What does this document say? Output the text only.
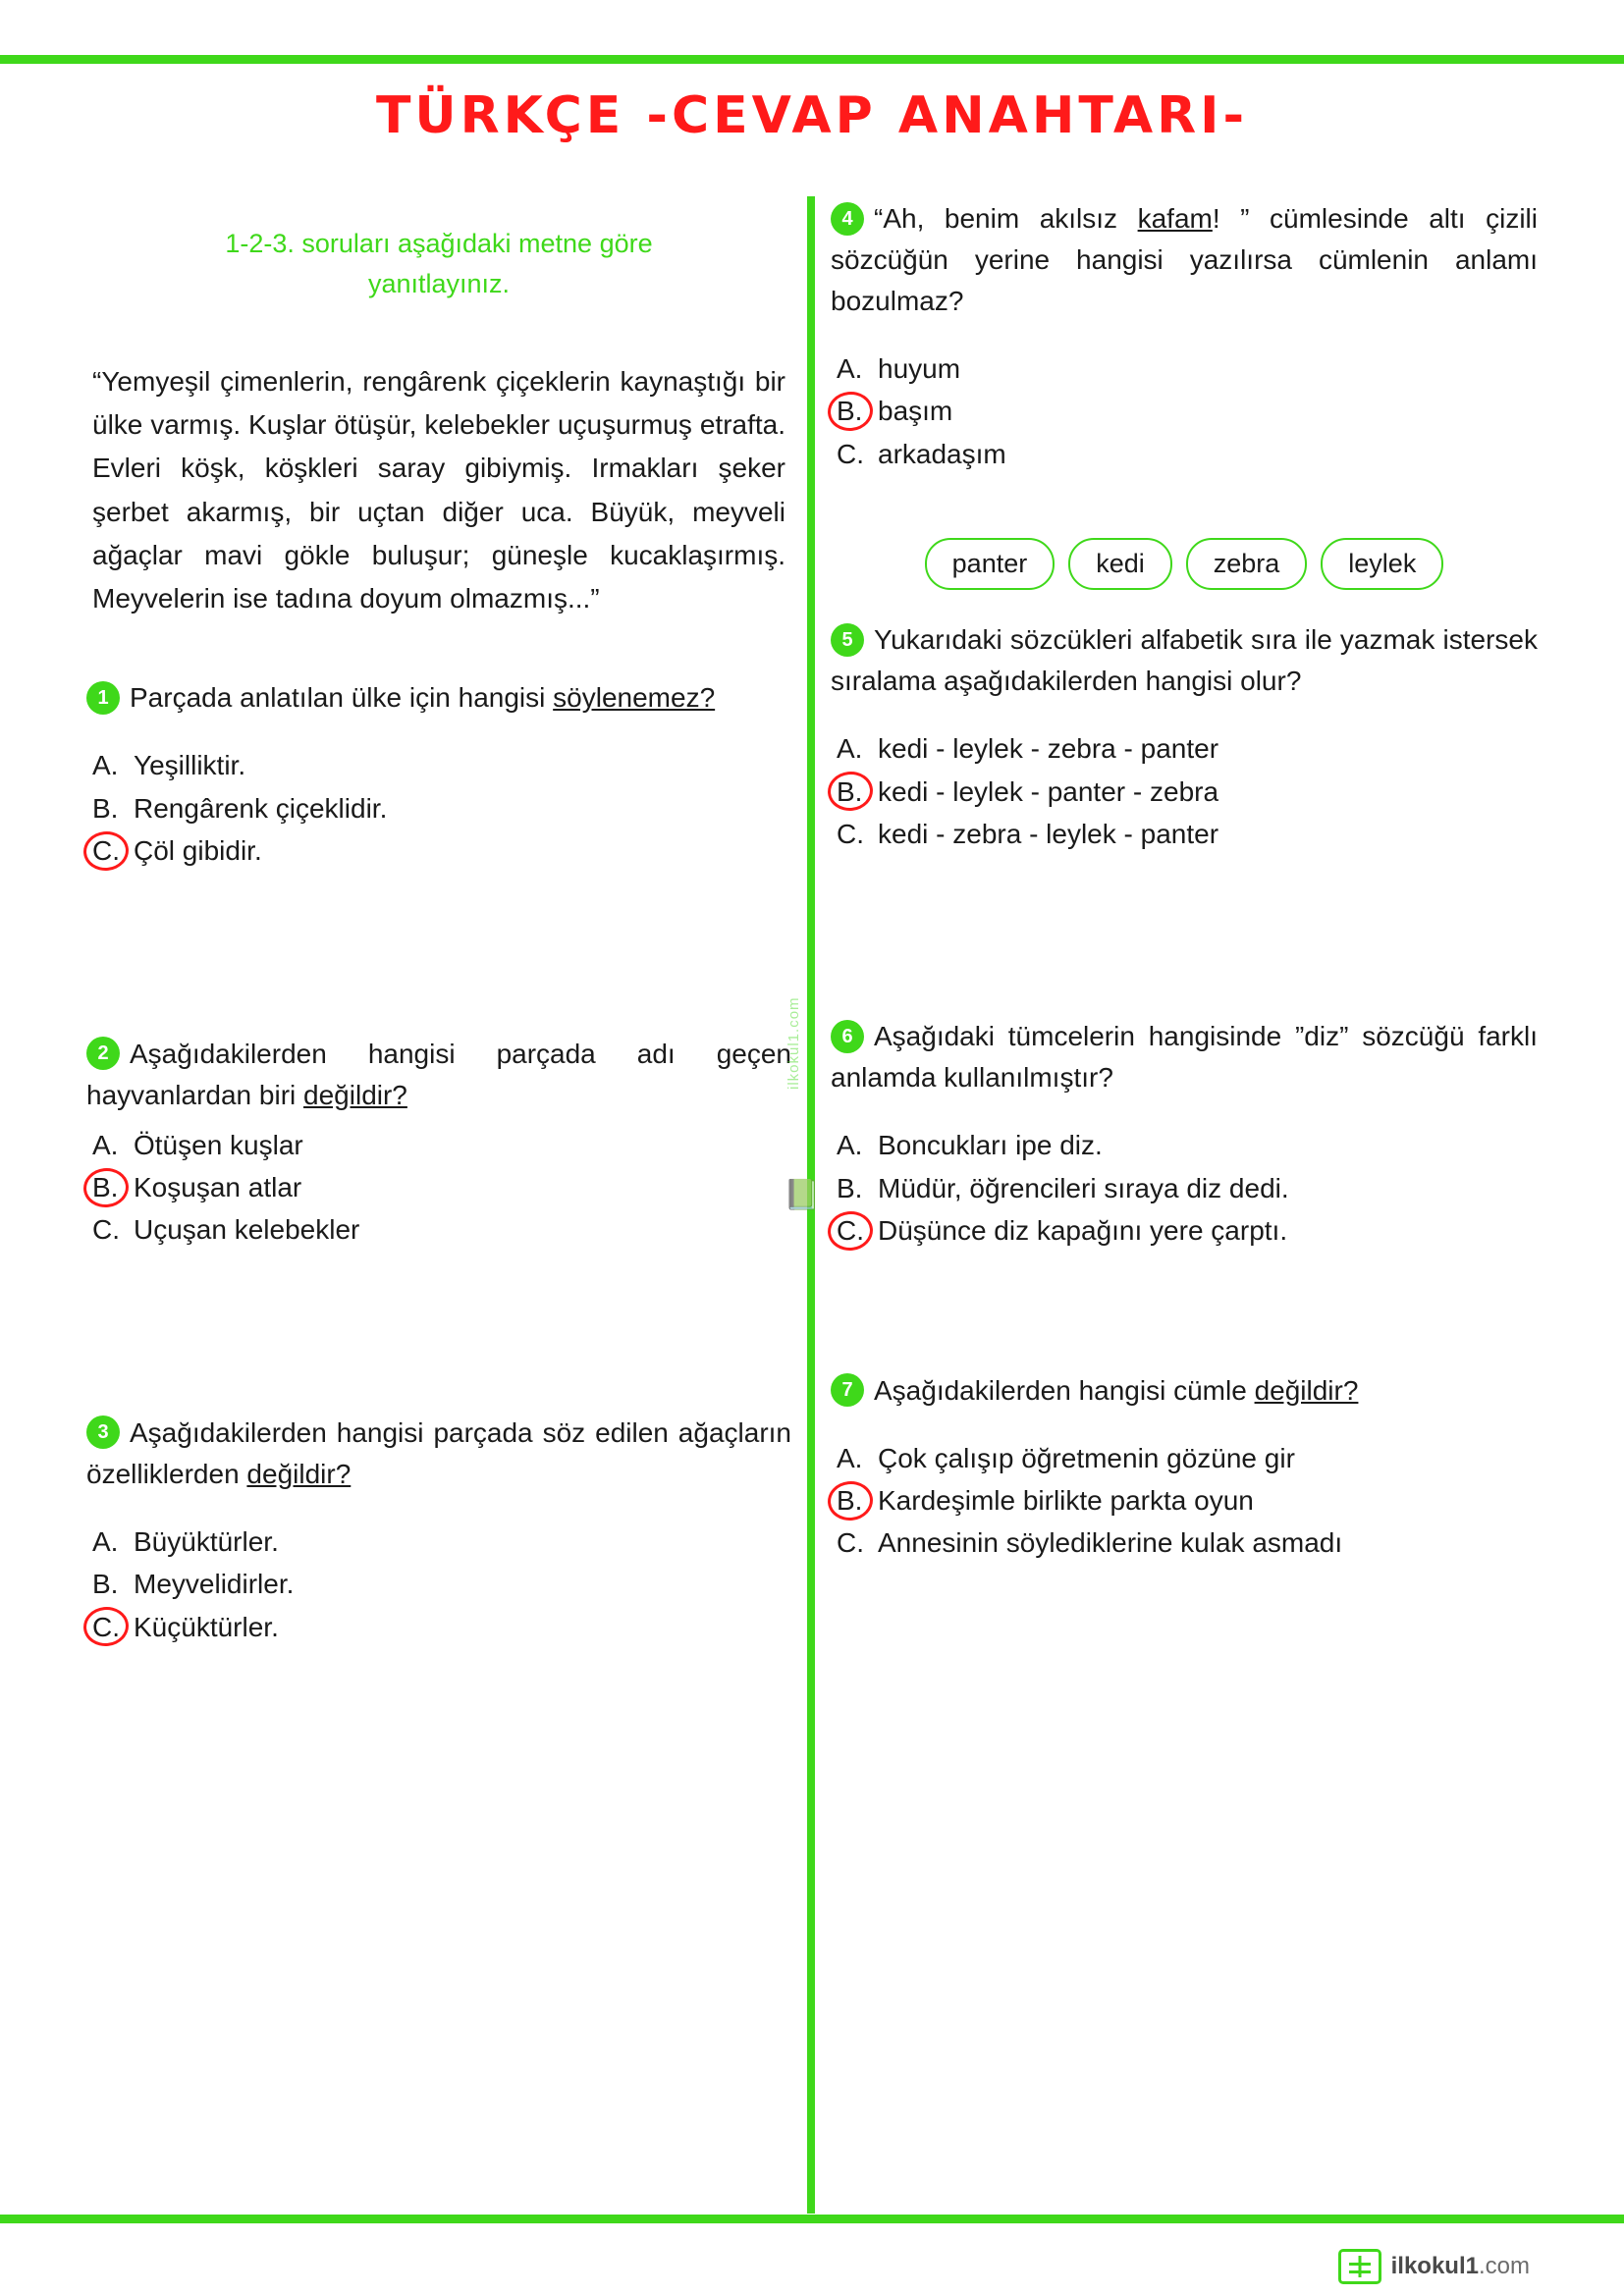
TÜRKÇE -CEVAP ANAHTARI-
1-2-3. soruları aşağıdaki metne göre yanıtlayınız.
“Yemyeşil çimenlerin, rengârenk çiçeklerin kaynaştığı bir ülke varmış. Kuşlar ötüşür, kelebekler uçuşurmuş etrafta. Evleri köşk, köşkleri saray gibiymiş. Irmakları şeker şerbet akarmış, bir uçtan diğer uca. Büyük, meyveli ağaçlar mavi gökle buluşur; güneşle kucaklaşırmış. Meyvelerin ise tadına doyum olmazmış...”
1 Parçada anlatılan ülke için hangisi söylenemez?
A. Yeşilliktir.
B. Rengârenk çiçeklidir.
C. Çöl gibidir.
2 Aşağıdakilerden hangisi parçada adı geçen hayvanlardan biri değildir?
A. Ötüşen kuşlar
B. Koşuşan atlar
C. Uçuşan kelebekler
3 Aşağıdakilerden hangisi parçada söz edilen ağaçların özelliklerden değildir?
A. Büyüktürler.
B. Meyvelidirler.
C. Küçüktürler.
4 “Ah, benim akılsız kafam! ” cümlesinde altı çizili sözcüğün yerine hangisi yazılırsa cümlenin anlamı bozulmaz?
A. huyum
B. başım
C. arkadaşım
panter	kedi	zebra	leylek
5 Yukarıdaki sözcükleri alfabetik sıra ile yazmak istersek sıralama aşağıdakilerden hangisi olur?
A. kedi - leylek - zebra - panter
B. kedi - leylek - panter - zebra
C. kedi - zebra - leylek - panter
6 Aşağıdaki tümcelerin hangisinde ”diz” sözcüğü farklı anlamda kullanılmıştır?
A. Boncukları ipe diz.
B. Müdür, öğrencileri sıraya diz dedi.
C. Düşünce diz kapağını yere çarptı.
7 Aşağıdakilerden hangisi cümle değildir?
A. Çok çalışıp öğretmenin gözüne gir
B. Kardeşimle birlikte parkta oyun
C. Annesinin söylediklerine kulak asmadı
ilkokul1.com
📗
ilkokul1.com
